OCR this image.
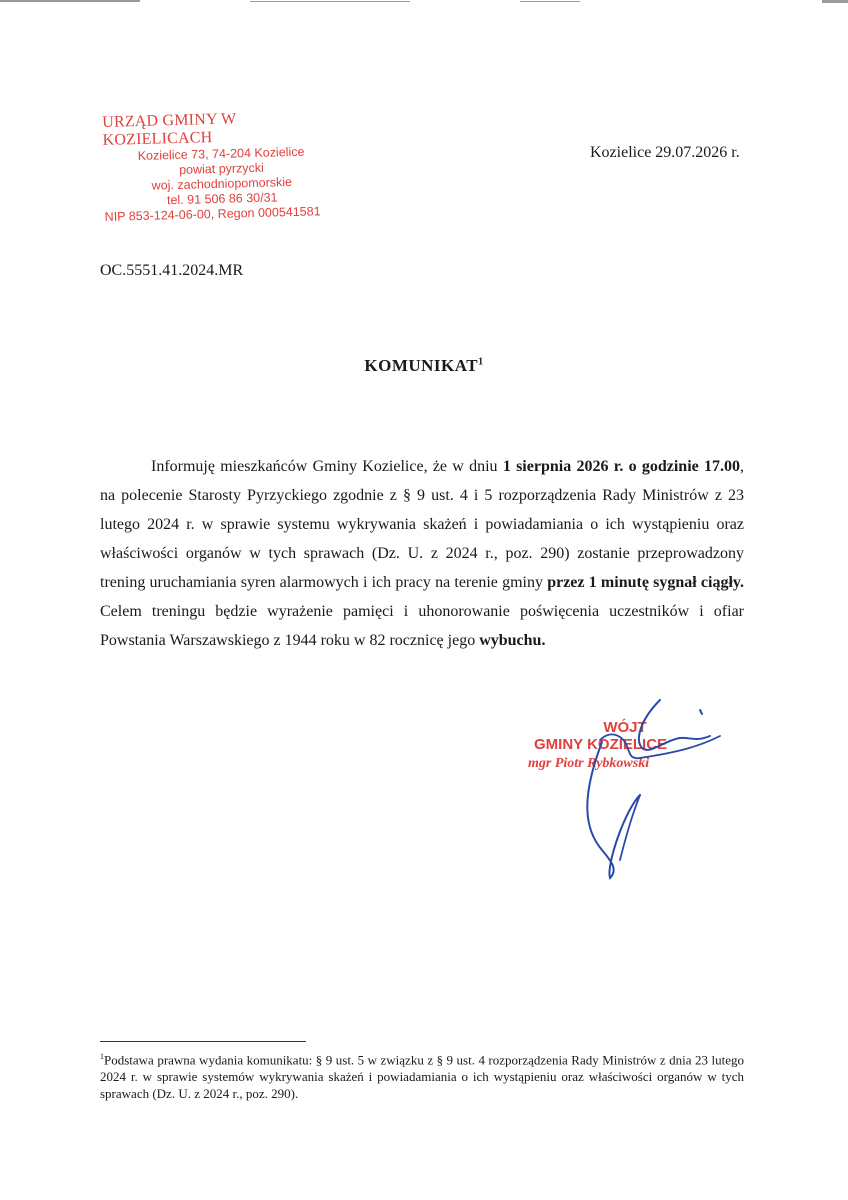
URZĄD GMINY W KOZIELICACH
Kozielice 73, 74-204 Kozielice
powiat pyrzycki
woj. zachodniopomorskie
tel. 91 506 86 30/31
NIP 853-124-06-00, Regon 000541581
Kozielice 29.07.2026 r.
OC.5551.41.2024.MR
KOMUNIKAT$^1$
Informuję mieszkańców Gminy Kozielice, że w dniu 1 sierpnia 2026 r. o godzinie 17.00, na polecenie Starosty Pyrzyckiego zgodnie z § 9 ust. 4 i 5 rozporządzenia Rady Ministrów z 23 lutego 2024 r. w sprawie systemu wykrywania skażeń i powiadamiania o ich wystąpieniu oraz właściwości organów w tych sprawach (Dz. U. z 2024 r., poz. 290) zostanie przeprowadzony trening uruchamiania syren alarmowych i ich pracy na terenie gminy przez 1 minutę sygnał ciągły. Celem treningu będzie wyrażenie pamięci i uhonorowanie poświęcenia uczestników i ofiar Powstania Warszawskiego z 1944 roku w 82 rocznicę jego wybuchu.
WÓJT
GMINY KOZIELICE
mgr Piotr Rybkowski
$^1$Podstawa prawna wydania komunikatu: § 9 ust. 5 w związku z § 9 ust. 4 rozporządzenia Rady Ministrów z dnia 23 lutego 2024 r. w sprawie systemów wykrywania skażeń i powiadamiania o ich wystąpieniu oraz właściwości organów w tych sprawach (Dz. U. z 2024 r., poz. 290).
